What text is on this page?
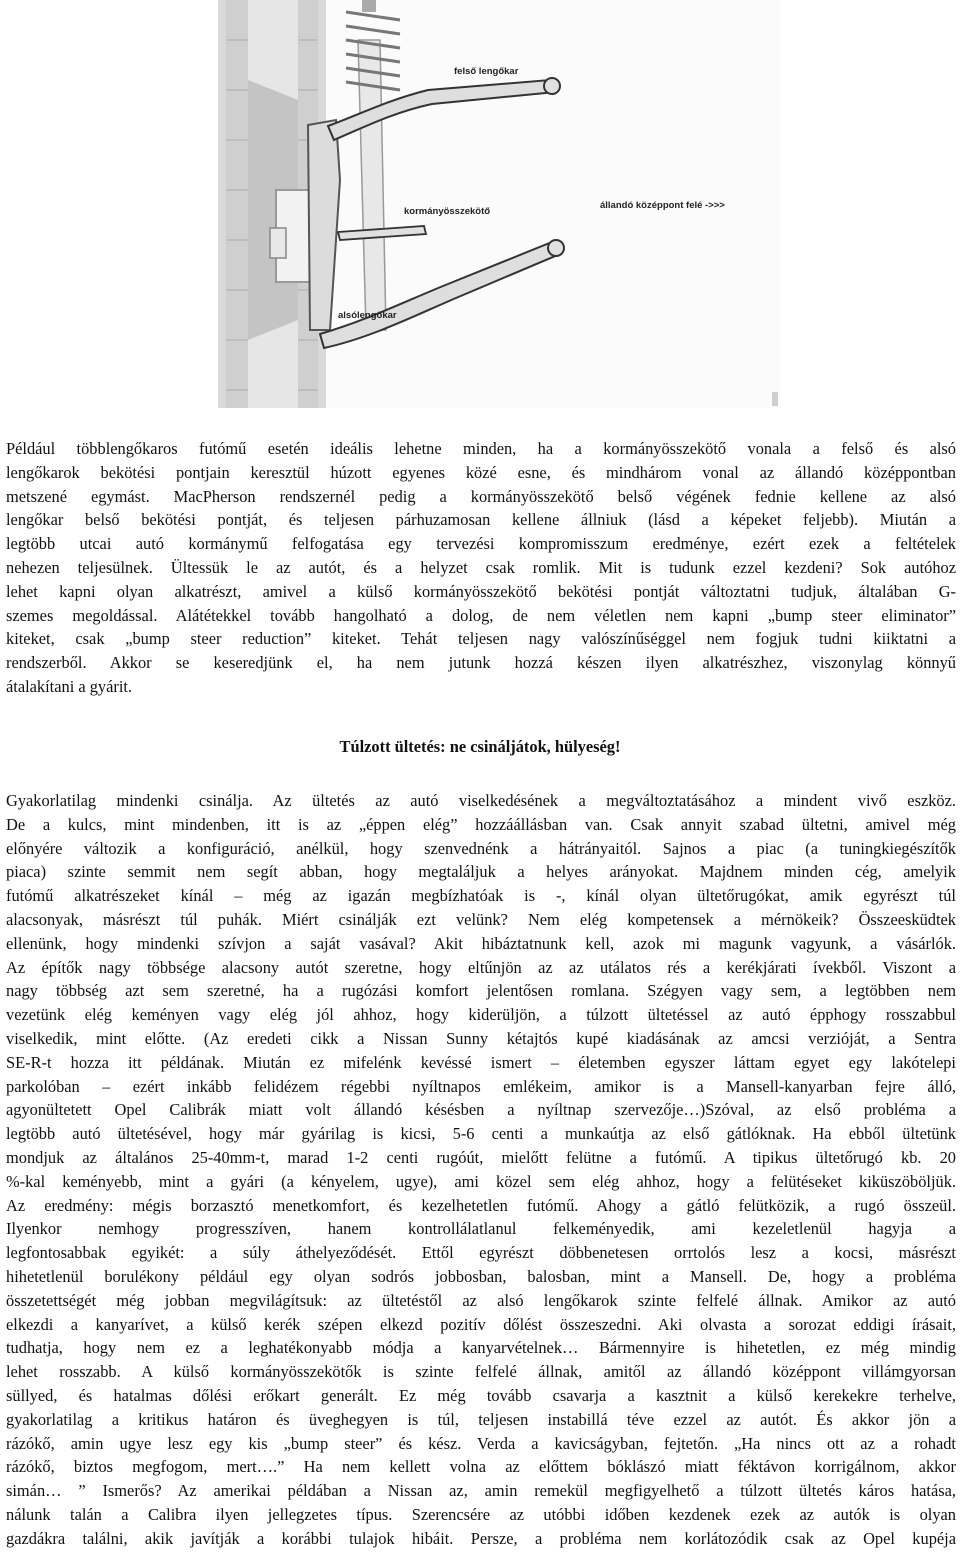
felső lengőkar
kormányösszekötő
állandó középpont felé ->>>
alsólengőkar
Például többlengőkaros futómű esetén ideális lehetne minden, ha a kormányösszekötő vonala a felső és alsó
lengőkarok bekötési pontjain keresztül húzott egyenes közé esne, és mindhárom vonal az állandó középpontban
metszené egymást. MacPherson rendszernél pedig a kormányösszekötő belső végének fednie kellene az alsó
lengőkar belső bekötési pontját, és teljesen párhuzamosan kellene állniuk (lásd a képeket feljebb). Miután a
legtöbb utcai autó kormánymű felfogatása egy tervezési kompromisszum eredménye, ezért ezek a feltételek
nehezen teljesülnek. Ültessük le az autót, és a helyzet csak romlik. Mit is tudunk ezzel kezdeni? Sok autóhoz
lehet kapni olyan alkatrészt, amivel a külső kormányösszekötő bekötési pontját változtatni tudjuk, általában G-
szemes megoldással. Alátétekkel tovább hangolható a dolog, de nem véletlen nem kapni „bump steer eliminator”
kiteket, csak „bump steer reduction” kiteket. Tehát teljesen nagy valószínűséggel nem fogjuk tudni kiiktatni a
rendszerből. Akkor se keseredjünk el, ha nem jutunk hozzá készen ilyen alkatrészhez, viszonylag könnyű
átalakítani a gyárit.
Túlzott ültetés: ne csináljátok, hülyeség!
Gyakorlatilag mindenki csinálja. Az ültetés az autó viselkedésének a megváltoztatásához a mindent vivő eszköz.
De a kulcs, mint mindenben, itt is az „éppen elég” hozzáállásban van. Csak annyit szabad ültetni, amivel még
előnyére változik a konfiguráció, anélkül, hogy szenvednénk a hátrányaitól. Sajnos a piac (a tuningkiegészítők
piaca) szinte semmit nem segít abban, hogy megtaláljuk a helyes arányokat. Majdnem minden cég, amelyik
futómű alkatrészeket kínál – még az igazán megbízhatóak is -, kínál olyan ültetőrugókat, amik egyrészt túl
alacsonyak, másrészt túl puhák. Miért csinálják ezt velünk? Nem elég kompetensek a mérnökeik? Összeesküdtek
ellenünk, hogy mindenki szívjon a saját vasával? Akit hibáztatnunk kell, azok mi magunk vagyunk, a vásárlók.
Az építők nagy többsége alacsony autót szeretne, hogy eltűnjön az az utálatos rés a kerékjárati ívekből. Viszont a
nagy többség azt sem szeretné, ha a rugózási komfort jelentősen romlana. Szégyen vagy sem, a legtöbben nem
vezetünk elég keményen vagy elég jól ahhoz, hogy kiderüljön, a túlzott ültetéssel az autó épphogy rosszabbul
viselkedik, mint előtte. (Az eredeti cikk a Nissan Sunny kétajtós kupé kiadásának az amcsi verzióját, a Sentra
SE-R-t hozza itt példának. Miután ez mifelénk kevéssé ismert – életemben egyszer láttam egyet egy lakótelepi
parkolóban – ezért inkább felidézem régebbi nyíltnapos emlékeim, amikor is a Mansell-kanyarban fejre álló,
agyonültetett Opel Calibrák miatt volt állandó késésben a nyíltnap szervezője…)Szóval, az első probléma a
legtöbb autó ültetésével, hogy már gyárilag is kicsi, 5-6 centi a munkaútja az első gátlóknak. Ha ebből ültetünk
mondjuk az általános 25-40mm-t, marad 1-2 centi rugóút, mielőtt felütne a futómű. A tipikus ültetőrugó kb. 20
%-kal keményebb, mint a gyári (a kényelem, ugye), ami közel sem elég ahhoz, hogy a felütéseket kiküszöböljük.
Az eredmény: mégis borzasztó menetkomfort, és kezelhetetlen futómű. Ahogy a gátló felütközik, a rugó összeül.
Ilyenkor nemhogy progresszíven, hanem kontrollálatlanul felkeményedik, ami kezeletlenül hagyja a
legfontosabbak egyikét: a súly áthelyeződését. Ettől egyrészt döbbenetesen orrtolós lesz a kocsi, másrészt
hihetetlenül borulékony például egy olyan sodrós jobbosban, balosban, mint a Mansell. De, hogy a probléma
összetettségét még jobban megvilágítsuk: az ültetéstől az alsó lengőkarok szinte felfelé állnak. Amikor az autó
elkezdi a kanyarívet, a külső kerék szépen elkezd pozitív dőlést összeszedni. Aki olvasta a sorozat eddigi írásait,
tudhatja, hogy nem ez a leghatékonyabb módja a kanyarvételnek… Bármennyire is hihetetlen, ez még mindig
lehet rosszabb. A külső kormányösszekötők is szinte felfelé állnak, amitől az állandó középpont villámgyorsan
süllyed, és hatalmas dőlési erőkart generált. Ez még tovább csavarja a kasztnit a külső kerekekre terhelve,
gyakorlatilag a kritikus határon és üveghegyen is túl, teljesen instabillá téve ezzel az autót. És akkor jön a
rázókő, amin ugye lesz egy kis „bump steer” és kész. Verda a kavicságyban, fejtetőn. „Ha nincs ott az a rohadt
rázókő, biztos megfogom, mert….” Ha nem kellett volna az előttem bóklászó miatt féktávon korrigálnom, akkor
simán… ” Ismerős? Az amerikai példában a Nissan az, amin remekül megfigyelhető a túlzott ültetés káros hatása,
nálunk talán a Calibra ilyen jellegzetes típus. Szerencsére az utóbbi időben kezdenek ezek az autók is olyan
gazdákra találni, akik javítják a korábbi tulajok hibáit. Persze, a probléma nem korlátozódik csak az Opel kupéja
